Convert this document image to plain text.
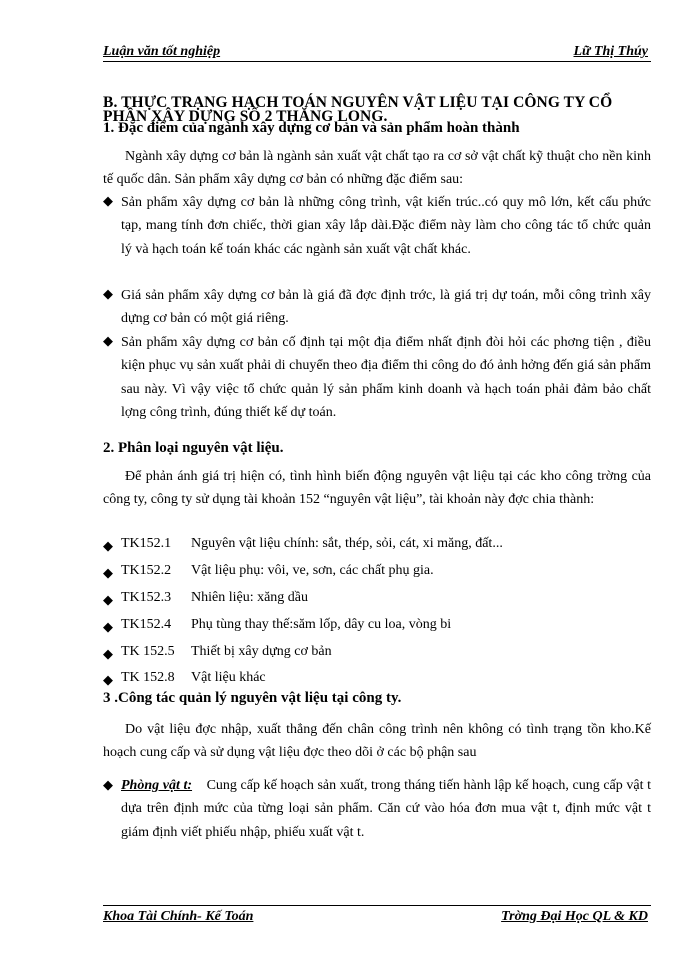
Luận văn tốt nghiệp	Lữ Thị Thúy
B. THỰC TRẠNG HẠCH TOÁN NGUYÊN VẬT LIỆU TẠI CÔNG TY CỔ PHẦN XÂY DỰNG SỐ 2 THĂNG LONG.
1. Đặc điểm của ngành xây dựng cơ bản và sản phẩm hoàn thành
Ngành xây dựng cơ bản là ngành sản xuất vật chất tạo ra cơ sở vật chất kỹ thuật cho nền kinh tế quốc dân. Sản phẩm xây dựng cơ bản có những đặc điểm sau:
◆ Sản phẩm xây dựng cơ bản là những công trình, vật kiến trúc..có quy mô lớn, kết cấu phức tạp, mang tính đơn chiếc, thời gian xây lắp dài.Đặc điểm này làm cho công tác tổ chức quản lý và hạch toán kế toán khác các ngành sản xuất vật chất khác.
◆ Giá sản phẩm xây dựng cơ bản là giá đã đợc định trớc, là giá trị dự toán, mỗi công trình xây dựng cơ bản có một giá riêng.
◆ Sản phẩm xây dựng cơ bản cố định tại một địa điểm nhất định đòi hỏi các phơng tiện , điều kiện phục vụ sản xuất phải di chuyển theo địa điểm thi công do đó ảnh hởng đến giá sản phẩm sau này. Vì vậy việc tổ chức quản lý sản phẩm kinh doanh và hạch toán phải đảm bảo chất lợng công trình, đúng thiết kế dự toán.
2. Phân loại nguyên vật liệu.
Để phản ánh giá trị hiện có, tình hình biến động nguyên vật liệu tại các kho công trờng của công ty, công ty sử dụng tài khoản 152 “nguyên vật liệu”, tài khoản này đợc chia thành:
◆ TK152.1 Nguyên vật liệu chính: sắt, thép, sỏi, cát, xi măng, đất...
◆ TK152.2 Vật liệu phụ: vôi, ve, sơn, các chất phụ gia.
◆ TK152.3 Nhiên liệu: xăng dầu
◆ TK152.4 Phụ tùng thay thế:săm lốp, dây cu loa, vòng bi
◆ TK 152.5 Thiết bị xây dựng cơ bản
◆ TK 152.8 Vật liệu khác
3 .Công tác quản lý nguyên vật liệu tại công ty.
Do vật liệu đợc nhập, xuất thẳng đến chân công trình nên không có tình trạng tồn kho.Kế hoạch cung cấp và sử dụng vật liệu đợc theo dõi ở các bộ phận sau
◆ Phòng vật t: Cung cấp kế hoạch sản xuất, trong tháng tiến hành lập kế hoạch, cung cấp vật t dựa trên định mức của từng loại sản phẩm. Căn cứ vào hóa đơn mua vật t, định mức vật t giám định viết phiếu nhập, phiếu xuất vật t.
Khoa Tài Chính- Kế Toán	Trờng Đại Học QL & KD
